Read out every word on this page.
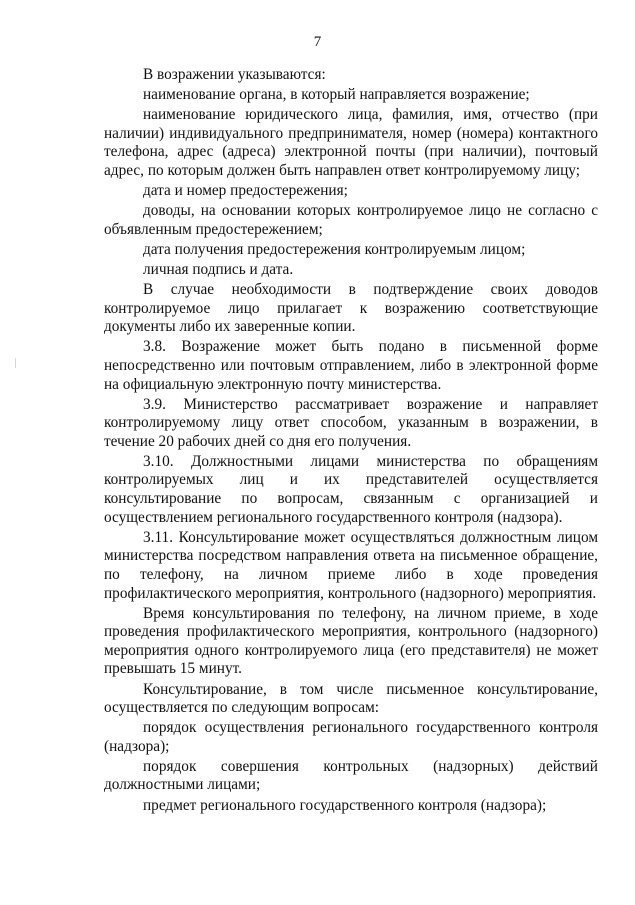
7

В возражении указываются:

наименование органа, в который направляется возражение;

наименование юридического лица, фамилия, имя, отчество (при наличии) индивидуального предпринимателя, номер (номера) контактного телефона, адрес (адреса) электронной почты (при наличии), почтовый адрес, по которым должен быть направлен ответ контролируемому лицу;

дата и номер предостережения;

доводы, на основании которых контролируемое лицо не согласно с объявленным предостережением;

дата получения предостережения контролируемым лицом;

личная подпись и дата.

В случае необходимости в подтверждение своих доводов контролируемое лицо прилагает к возражению соответствующие документы либо их заверенные копии.

3.8. Возражение может быть подано в письменной форме непосредственно или почтовым отправлением, либо в электронной форме на официальную электронную почту министерства.

3.9. Министерство рассматривает возражение и направляет контролируемому лицу ответ способом, указанным в возражении, в течение 20 рабочих дней со дня его получения.

3.10. Должностными лицами министерства по обращениям контролируемых лиц и их представителей осуществляется консультирование по вопросам, связанным с организацией и осуществлением регионального государственного контроля (надзора).

3.11. Консультирование может осуществляться должностным лицом министерства посредством направления ответа на письменное обращение, по телефону, на личном приеме либо в ходе проведения профилактического мероприятия, контрольного (надзорного) мероприятия.

Время консультирования по телефону, на личном приеме, в ходе проведения профилактического мероприятия, контрольного (надзорного) мероприятия одного контролируемого лица (его представителя) не может превышать 15 минут.

Консультирование, в том числе письменное консультирование, осуществляется по следующим вопросам:

порядок осуществления регионального государственного контроля (надзора);

порядок совершения контрольных (надзорных) действий должностными лицами;

предмет регионального государственного контроля (надзора);
